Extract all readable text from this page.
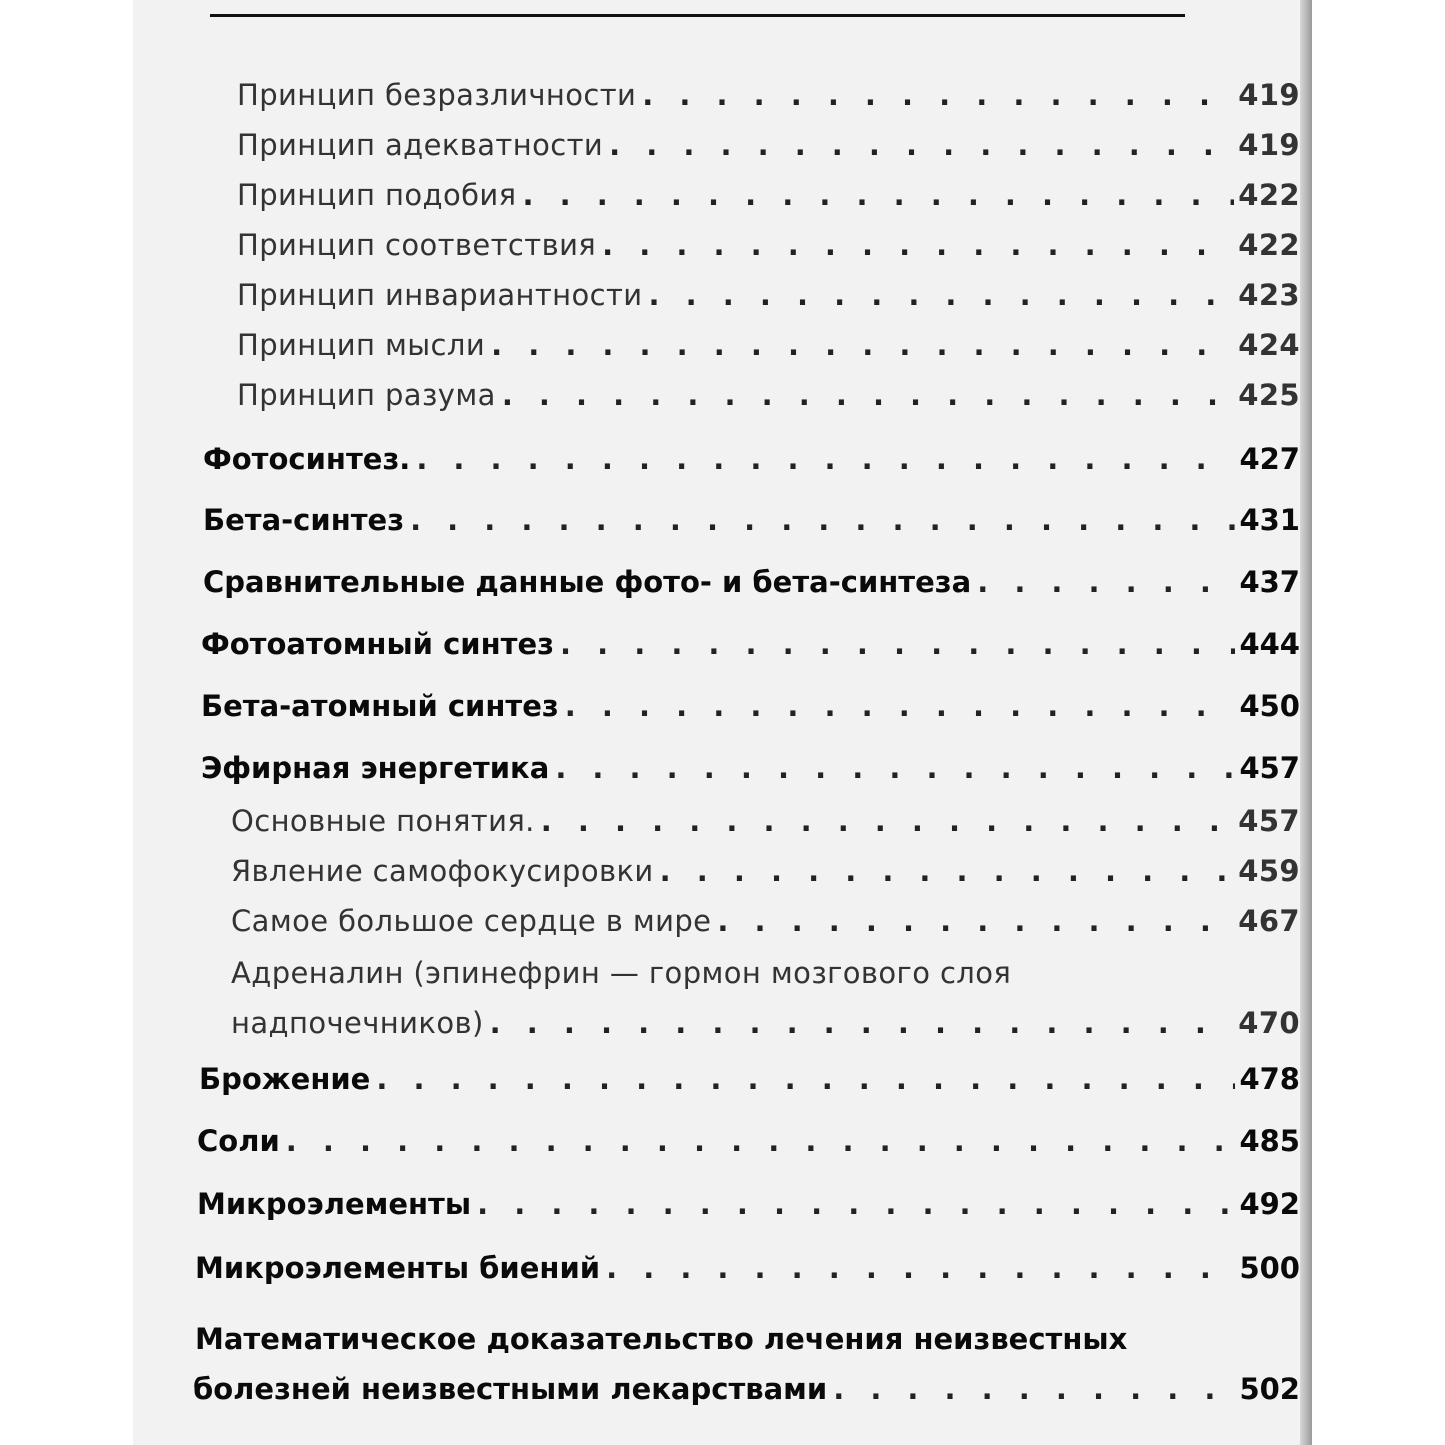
Принцип безразличности . . .	419
Принцип адекватности . . .	419
Принцип подобия . . .	422
Принцип соответствия . . .	422
Принцип инвариантности . . .	423
Принцип мысли . . .	424
Принцип разума . . .	425
Фотосинтез. . . .	427
Бета-синтез . . .	431
Сравнительные данные фото- и бета-синтеза . . .	437
Фотоатомный синтез . . .	444
Бета-атомный синтез . . .	450
Эфирная энергетика . . .	457
Основные понятия. . . .	457
Явление самофокусировки . . .	459
Самое большое сердце в мире . . .	467
Адреналин (эпинефрин — гормон мозгового слоя
надпочечников) . . .	470
Брожение . . .	478
Соли . . .	485
Микроэлементы . . .	492
Микроэлементы биений . . .	500
Математическое доказательство лечения неизвестных
болезней неизвестными лекарствами . . .	502
